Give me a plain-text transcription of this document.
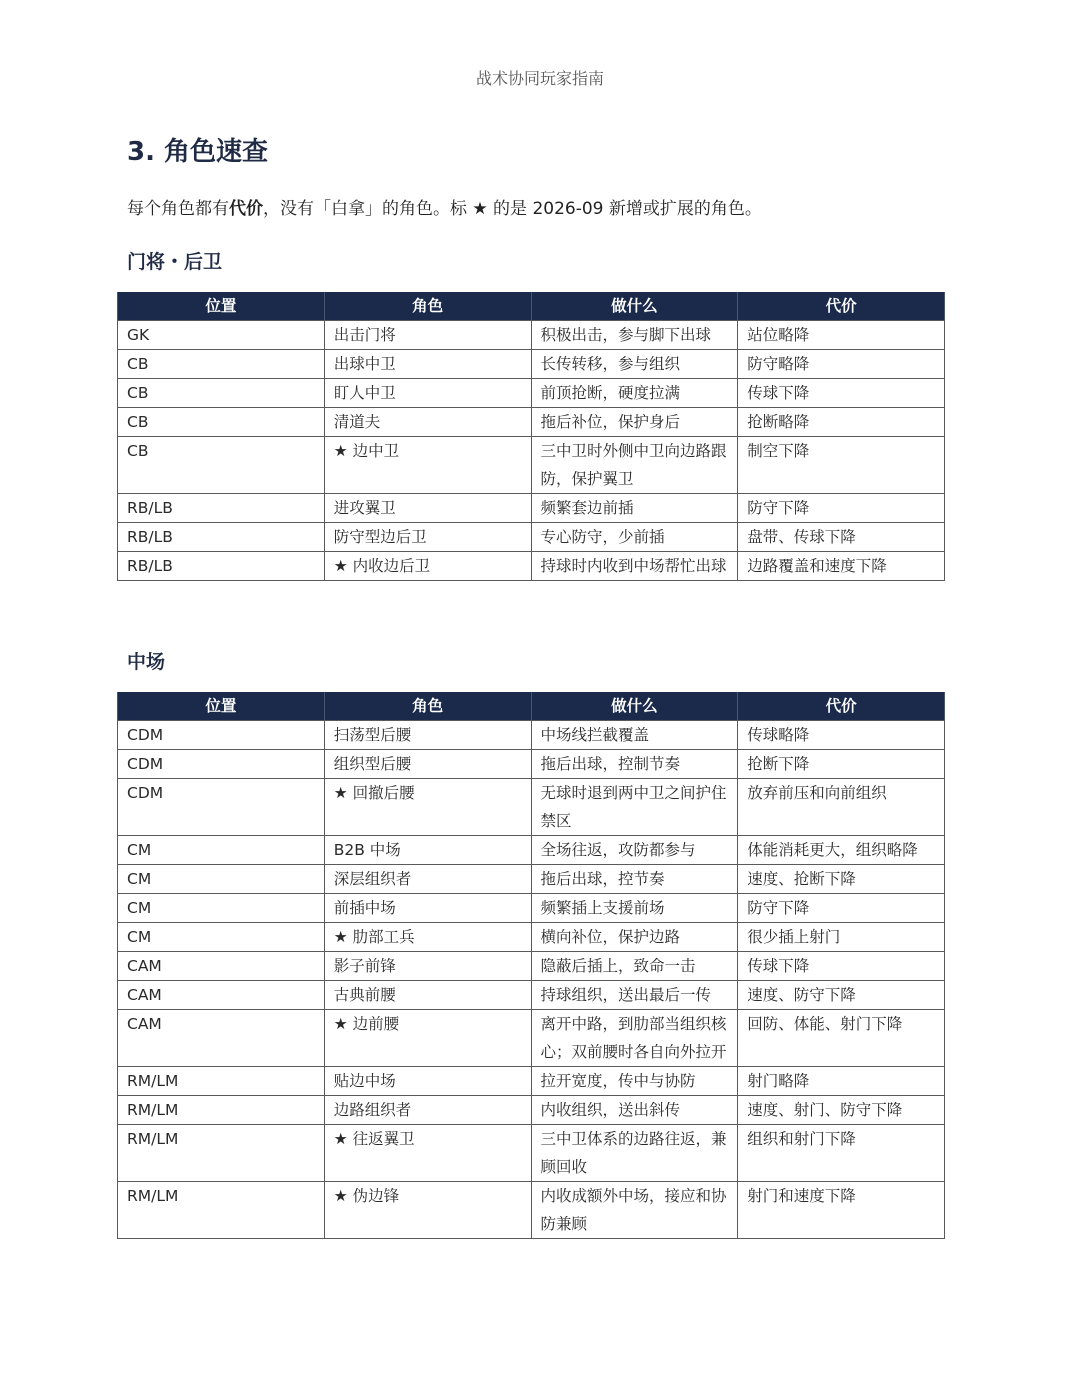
战术协同玩家指南
3. 角色速查

每个角色都有代价，没有「白拿」的角色。标 ★ 的是 2026-09 新增或扩展的角色。

门将・后卫
位置	角色	做什么	代价
GK	出击门将	积极出击，参与脚下出球	站位略降
CB	出球中卫	长传转移，参与组织	防守略降
CB	盯人中卫	前顶抢断，硬度拉满	传球下降
CB	清道夫	拖后补位，保护身后	抢断略降
CB	★ 边中卫	三中卫时外侧中卫向边路跟防，保护翼卫	制空下降
RB/LB	进攻翼卫	频繁套边前插	防守下降
RB/LB	防守型边后卫	专心防守，少前插	盘带、传球下降
RB/LB	★ 内收边后卫	持球时内收到中场帮忙出球	边路覆盖和速度下降
中场
位置	角色	做什么	代价
CDM	扫荡型后腰	中场线拦截覆盖	传球略降
CDM	组织型后腰	拖后出球，控制节奏	抢断下降
CDM	★ 回撤后腰	无球时退到两中卫之间护住禁区	放弃前压和向前组织
CM	B2B 中场	全场往返，攻防都参与	体能消耗更大，组织略降
CM	深层组织者	拖后出球，控节奏	速度、抢断下降
CM	前插中场	频繁插上支援前场	防守下降
CM	★ 肋部工兵	横向补位，保护边路	很少插上射门
CAM	影子前锋	隐蔽后插上，致命一击	传球下降
CAM	古典前腰	持球组织，送出最后一传	速度、防守下降
CAM	★ 边前腰	离开中路，到肋部当组织核心；双前腰时各自向外拉开	回防、体能、射门下降
RM/LM	贴边中场	拉开宽度，传中与协防	射门略降
RM/LM	边路组织者	内收组织，送出斜传	速度、射门、防守下降
RM/LM	★ 往返翼卫	三中卫体系的边路往返，兼顾回收	组织和射门下降
RM/LM	★ 伪边锋	内收成额外中场，接应和协防兼顾	射门和速度下降
